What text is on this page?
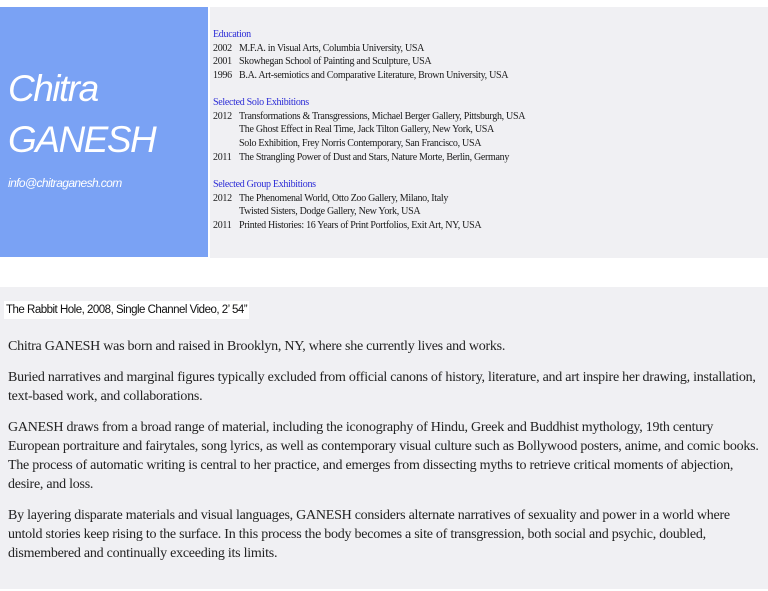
Chitra
GANESH
info@chitraganesh.com
Education
2002 M.F.A. in Visual Arts, Columbia University, USA
2001 Skowhegan School of Painting and Sculpture, USA
1996 B.A. Art-semiotics and Comparative Literature, Brown University, USA
Selected Solo Exhibitions
2012 Transformations & Transgressions, Michael Berger Gallery, Pittsburgh, USA
The Ghost Effect in Real Time, Jack Tilton Gallery, New York, USA
Solo Exhibition, Frey Norris Contemporary, San Francisco, USA
2011 The Strangling Power of Dust and Stars, Nature Morte, Berlin, Germany
Selected Group Exhibitions
2012 The Phenomenal World, Otto Zoo Gallery, Milano, Italy
Twisted Sisters, Dodge Gallery, New York, USA
2011 Printed Histories: 16 Years of Print Portfolios, Exit Art, NY, USA
The Rabbit Hole, 2008, Single Channel Video, 2’ 54”

Chitra GANESH was born and raised in Brooklyn, NY, where she currently lives and works.

Buried narratives and marginal figures typically excluded from official canons of history, literature, and art inspire her drawing, installation, text-based work, and collaborations.

GANESH draws from a broad range of material, including the iconography of Hindu, Greek and Buddhist mythology, 19th century European portraiture and fairytales, song lyrics, as well as contemporary visual culture such as Bollywood posters, anime, and comic books. The process of automatic writing is central to her practice, and emerges from dissecting myths to retrieve critical moments of abjection, desire, and loss.

By layering disparate materials and visual languages, GANESH considers alternate narratives of sexuality and power in a world where untold stories keep rising to the surface. In this process the body becomes a site of transgression, both social and psychic, doubled, dismembered and continually exceeding its limits.
